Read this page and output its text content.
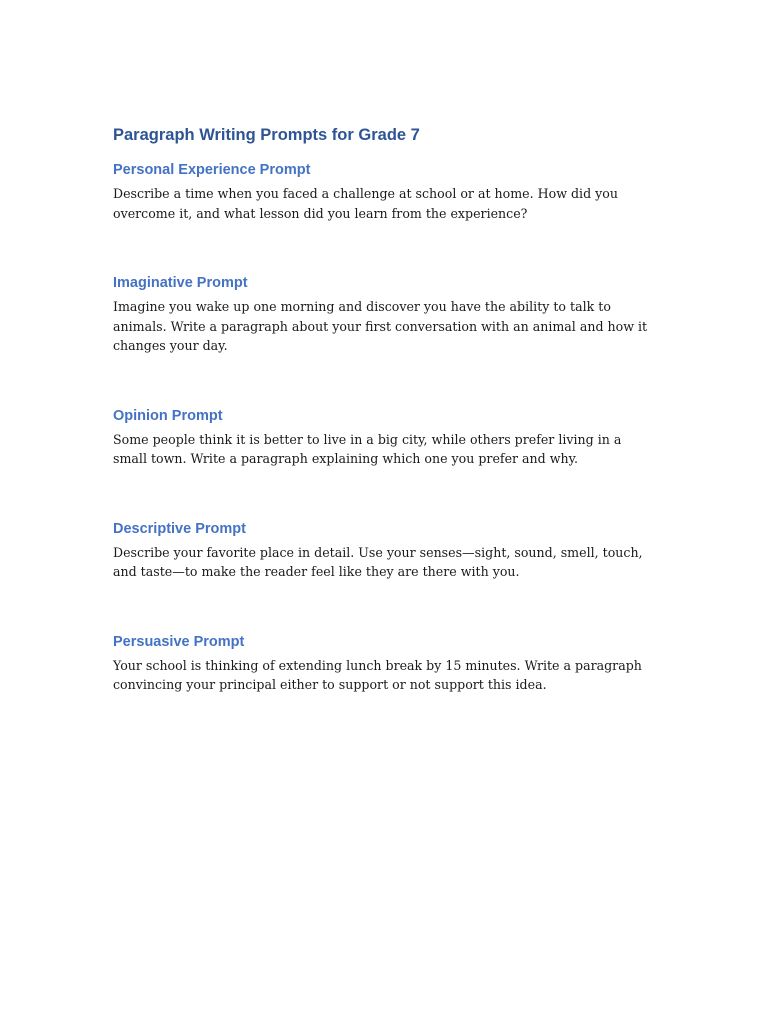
Paragraph Writing Prompts for Grade 7
Personal Experience Prompt

Describe a time when you faced a challenge at school or at home. How did you overcome it, and what lesson did you learn from the experience?

Imaginative Prompt

Imagine you wake up one morning and discover you have the ability to talk to animals. Write a paragraph about your first conversation with an animal and how it changes your day.

Opinion Prompt

Some people think it is better to live in a big city, while others prefer living in a small town. Write a paragraph explaining which one you prefer and why.

Descriptive Prompt

Describe your favorite place in detail. Use your senses—sight, sound, smell, touch, and taste—to make the reader feel like they are there with you.

Persuasive Prompt

Your school is thinking of extending lunch break by 15 minutes. Write a paragraph convincing your principal either to support or not support this idea.
